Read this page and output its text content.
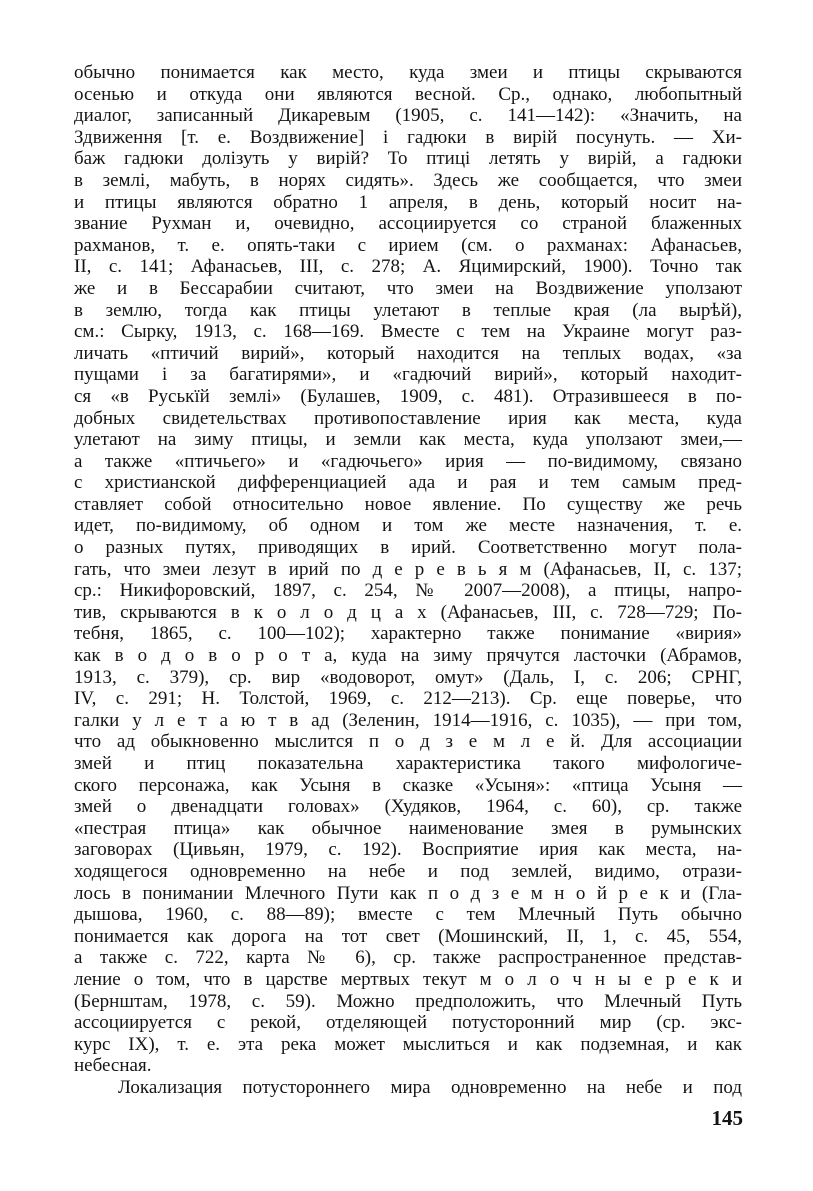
обычно понимается как место, куда змеи и птицы скрываются
осенью и откуда они являются весной. Ср., однако, любопытный
диалог, записанный Дикаревым (1905, с. 141—142): «Значить, на
Здвиження [т. е. Воздвижение] і гадюки в вирій посунуть. — Хи-
баж гадюки долізуть у вирій? То птиці летять у вирій, а гадюки
в землі, мабуть, в норях сидять». Здесь же сообщается, что змеи
и птицы являются обратно 1 апреля, в день, который носит на-
звание Рухман и, очевидно, ассоциируется со страной блаженных
рахманов, т. е. опять-таки с ирием (см. о рахманах: Афанасьев,
II, с. 141; Афанасьев, III, с. 278; А. Яцимирский, 1900). Точно так
же и в Бессарабии считают, что змеи на Воздвижение уползают
в землю, тогда как птицы улетают в теплые края (ла вырѣй),
см.: Сырку, 1913, с. 168—169. Вместе с тем на Украине могут раз-
личать «птичий вирий», который находится на теплых водах, «за
пущами і за багатирями», и «гадючий вирий», который находит-
ся «в Руськїй землі» (Булашев, 1909, с. 481). Отразившееся в по-
добных свидетельствах противопоставление ирия как места, куда
улетают на зиму птицы, и земли как места, куда уползают змеи,—
а также «птичьего» и «гадючьего» ирия — по-видимому, связано
с христианской дифференциацией ада и рая и тем самым пред-
ставляет собой относительно новое явление. По существу же речь
идет, по-видимому, об одном и том же месте назначения, т. е.
о разных путях, приводящих в ирий. Соответственно могут пола-
гать, что змеи лезут в ирий по д е р е в ь я м (Афанасьев, II, с. 137;
ср.: Никифоровский, 1897, с. 254, № 2007—2008), а птицы, напро-
тив, скрываются в к о л о д ц а х (Афанасьев, III, с. 728—729; По-
тебня, 1865, с. 100—102); характерно также понимание «вирия»
как в о д о в о р о т а, куда на зиму прячутся ласточки (Абрамов,
1913, с. 379), ср. вир «водоворот, омут» (Даль, I, с. 206; СРНГ,
IV, с. 291; Н. Толстой, 1969, с. 212—213). Ср. еще поверье, что
галки у л е т а ю т в ад (Зеленин, 1914—1916, с. 1035), — при том,
что ад обыкновенно мыслится п о д з е м л е й. Для ассоциации
змей и птиц показательна характеристика такого мифологиче-
ского персонажа, как Усыня в сказке «Усыня»: «птица Усыня —
змей о двенадцати головах» (Худяков, 1964, с. 60), ср. также
«пестрая птица» как обычное наименование змея в румынских
заговорах (Цивьян, 1979, с. 192). Восприятие ирия как места, на-
ходящегося одновременно на небе и под землей, видимо, отрази-
лось в понимании Млечного Пути как п о д з е м н о й р е к и (Гла-
дышова, 1960, с. 88—89); вместе с тем Млечный Путь обычно
понимается как дорога на тот свет (Мошинский, II, 1, с. 45, 554,
а также с. 722, карта № 6), ср. также распространенное представ-
ление о том, что в царстве мертвых текут м о л о ч н ы е р е к и
(Бернштам, 1978, с. 59). Можно предположить, что Млечный Путь
ассоциируется с рекой, отделяющей потусторонний мир (ср. экс-
курс IX), т. е. эта река может мыслиться и как подземная, и как
небесная.
Локализация потустороннего мира одновременно на небе и под
145
